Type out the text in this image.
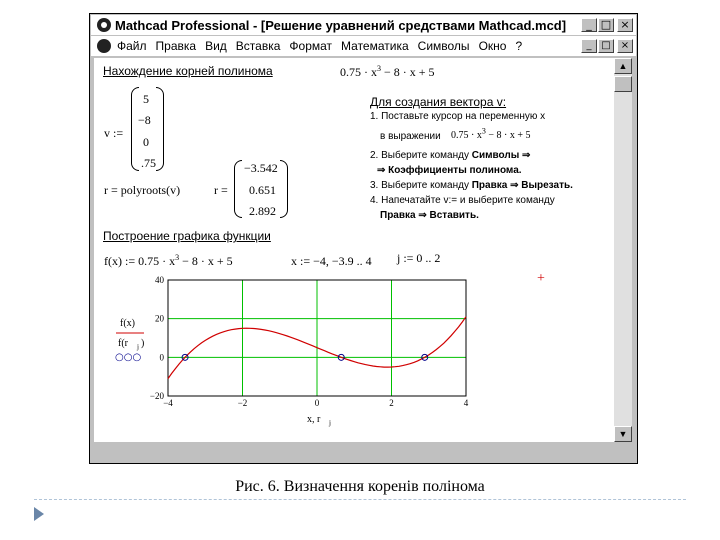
Mathcad Professional - [Решение уравнений средствами Mathcad.mcd]	_ □ ×
Файл Правка Вид Вставка Формат Математика Символы Окно ?	_ □	×
▲
▼
Нахождение корней полинома	$0.75 \cdot x^3 - 8 \cdot x + 5$
v :=
5
−8
0
.75
r = polyroots(v)	r =
−3.542
0.651
2.892
Для создания вектора v:
1. Поставьте курсор на переменную x
в выражении $0.75 \cdot x^3 - 8 \cdot x + 5$
2. Выберите команду Символы ⇒
⇒ Коэффициенты полинома.
3. Выберите команду Правка ⇒ Вырезать.
4. Напечатайте v:= и выберите команду
Правка ⇒ Вставить.
Построение графика функции
f(x) := $0.75 \cdot x^3 - 8 \cdot x + 5$	x := −4, −3.9 .. 4 j := 0 .. 2
+
−4	−2	0	2	4
40
20
0
−20
x, r j
f(x)
f(r j )
○○○
Рис. 6. Визначення коренів полінома
